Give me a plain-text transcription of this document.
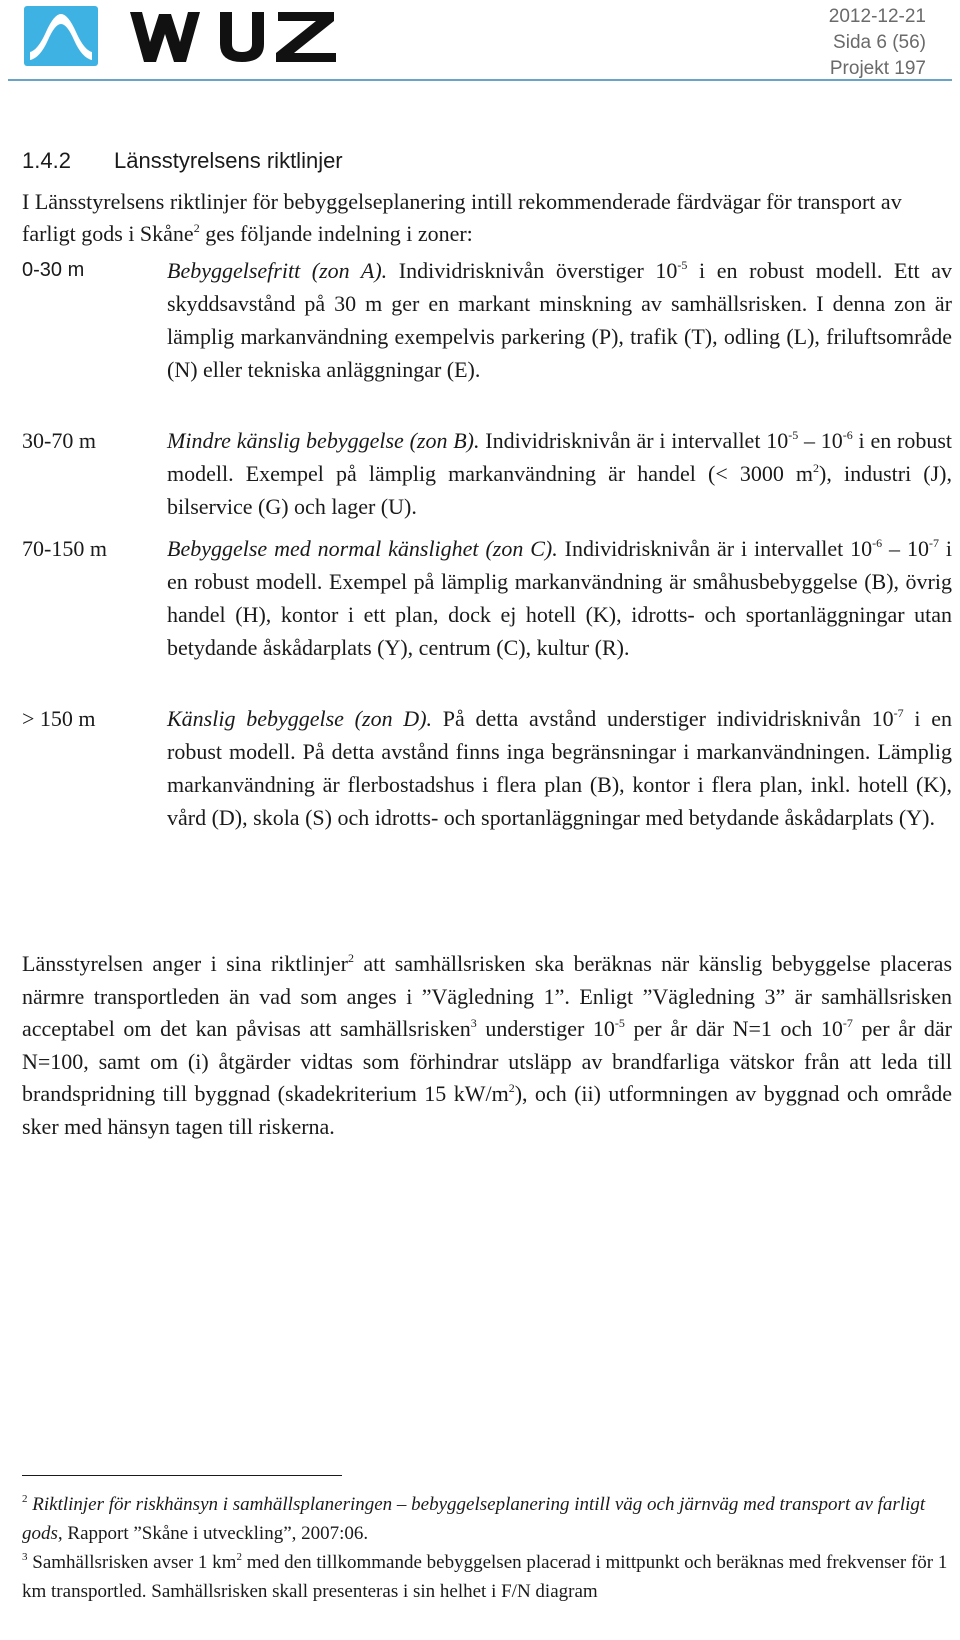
2012-12-21
Sida 6 (56)
Projekt 197
1.4.2 Länsstyrelsens riktlinjer
I Länsstyrelsens riktlinjer för bebyggelseplanering intill rekommenderade färdvägar för transport av farligt gods i Skåne$^2$ ges följande indelning i zoner:
0-30 m	Bebyggelsefritt (zon A). Individrisknivån överstiger $10^{-5}$ i en robust modell. Ett av skyddsavstånd på 30 m ger en markant minskning av samhällsrisken. I denna zon är lämplig markanvändning exempelvis parkering (P), trafik (T), odling (L), friluftsområde (N) eller tekniska anläggningar (E).
30-70 m	Mindre känslig bebyggelse (zon B). Individrisknivån är i intervallet $10^{-5} - 10^{-6}$ i en robust modell. Exempel på lämplig markanvändning är handel (< 3000 $m^2$), industri (J), bilservice (G) och lager (U).
70-150 m	Bebyggelse med normal känslighet (zon C). Individrisknivån är i intervallet $10^{-6} - 10^{-7}$ i en robust modell. Exempel på lämplig markanvändning är småhusbebyggelse (B), övrig handel (H), kontor i ett plan, dock ej hotell (K), idrotts- och sportanläggningar utan betydande åskådarplats (Y), centrum (C), kultur (R).
> 150 m	Känslig bebyggelse (zon D). På detta avstånd understiger individrisknivån $10^{-7}$ i en robust modell. På detta avstånd finns inga begränsningar i markanvändningen. Lämplig markanvändning är flerbostadshus i flera plan (B), kontor i flera plan, inkl. hotell (K), vård (D), skola (S) och idrotts- och sportanläggningar med betydande åskådarplats (Y).
Länsstyrelsen anger i sina riktlinjer$^2$ att samhällsrisken ska beräknas när känslig bebyggelse placeras närmre transportleden än vad som anges i ”Vägledning 1”. Enligt ”Vägledning 3” är samhällsrisken acceptabel om det kan påvisas att samhällsrisken$^3$ understiger $10^{-5}$ per år där N=1 och $10^{-7}$ per år där N=100, samt om (i) åtgärder vidtas som förhindrar utsläpp av brandfarliga vätskor från att leda till brandspridning till byggnad (skadekriterium 15 $kW/m^2$), och (ii) utformningen av byggnad och område sker med hänsyn tagen till riskerna.

$^2$ Riktlinjer för riskhänsyn i samhällsplaneringen – bebyggelseplanering intill väg och järnväg med transport av farligt gods, Rapport ”Skåne i utveckling”, 2007:06.

$^3$ Samhällsrisken avser 1 $km^2$ med den tillkommande bebyggelsen placerad i mittpunkt och beräknas med frekvenser för 1 km transportled. Samhällsrisken skall presenteras i sin helhet i F/N diagram
